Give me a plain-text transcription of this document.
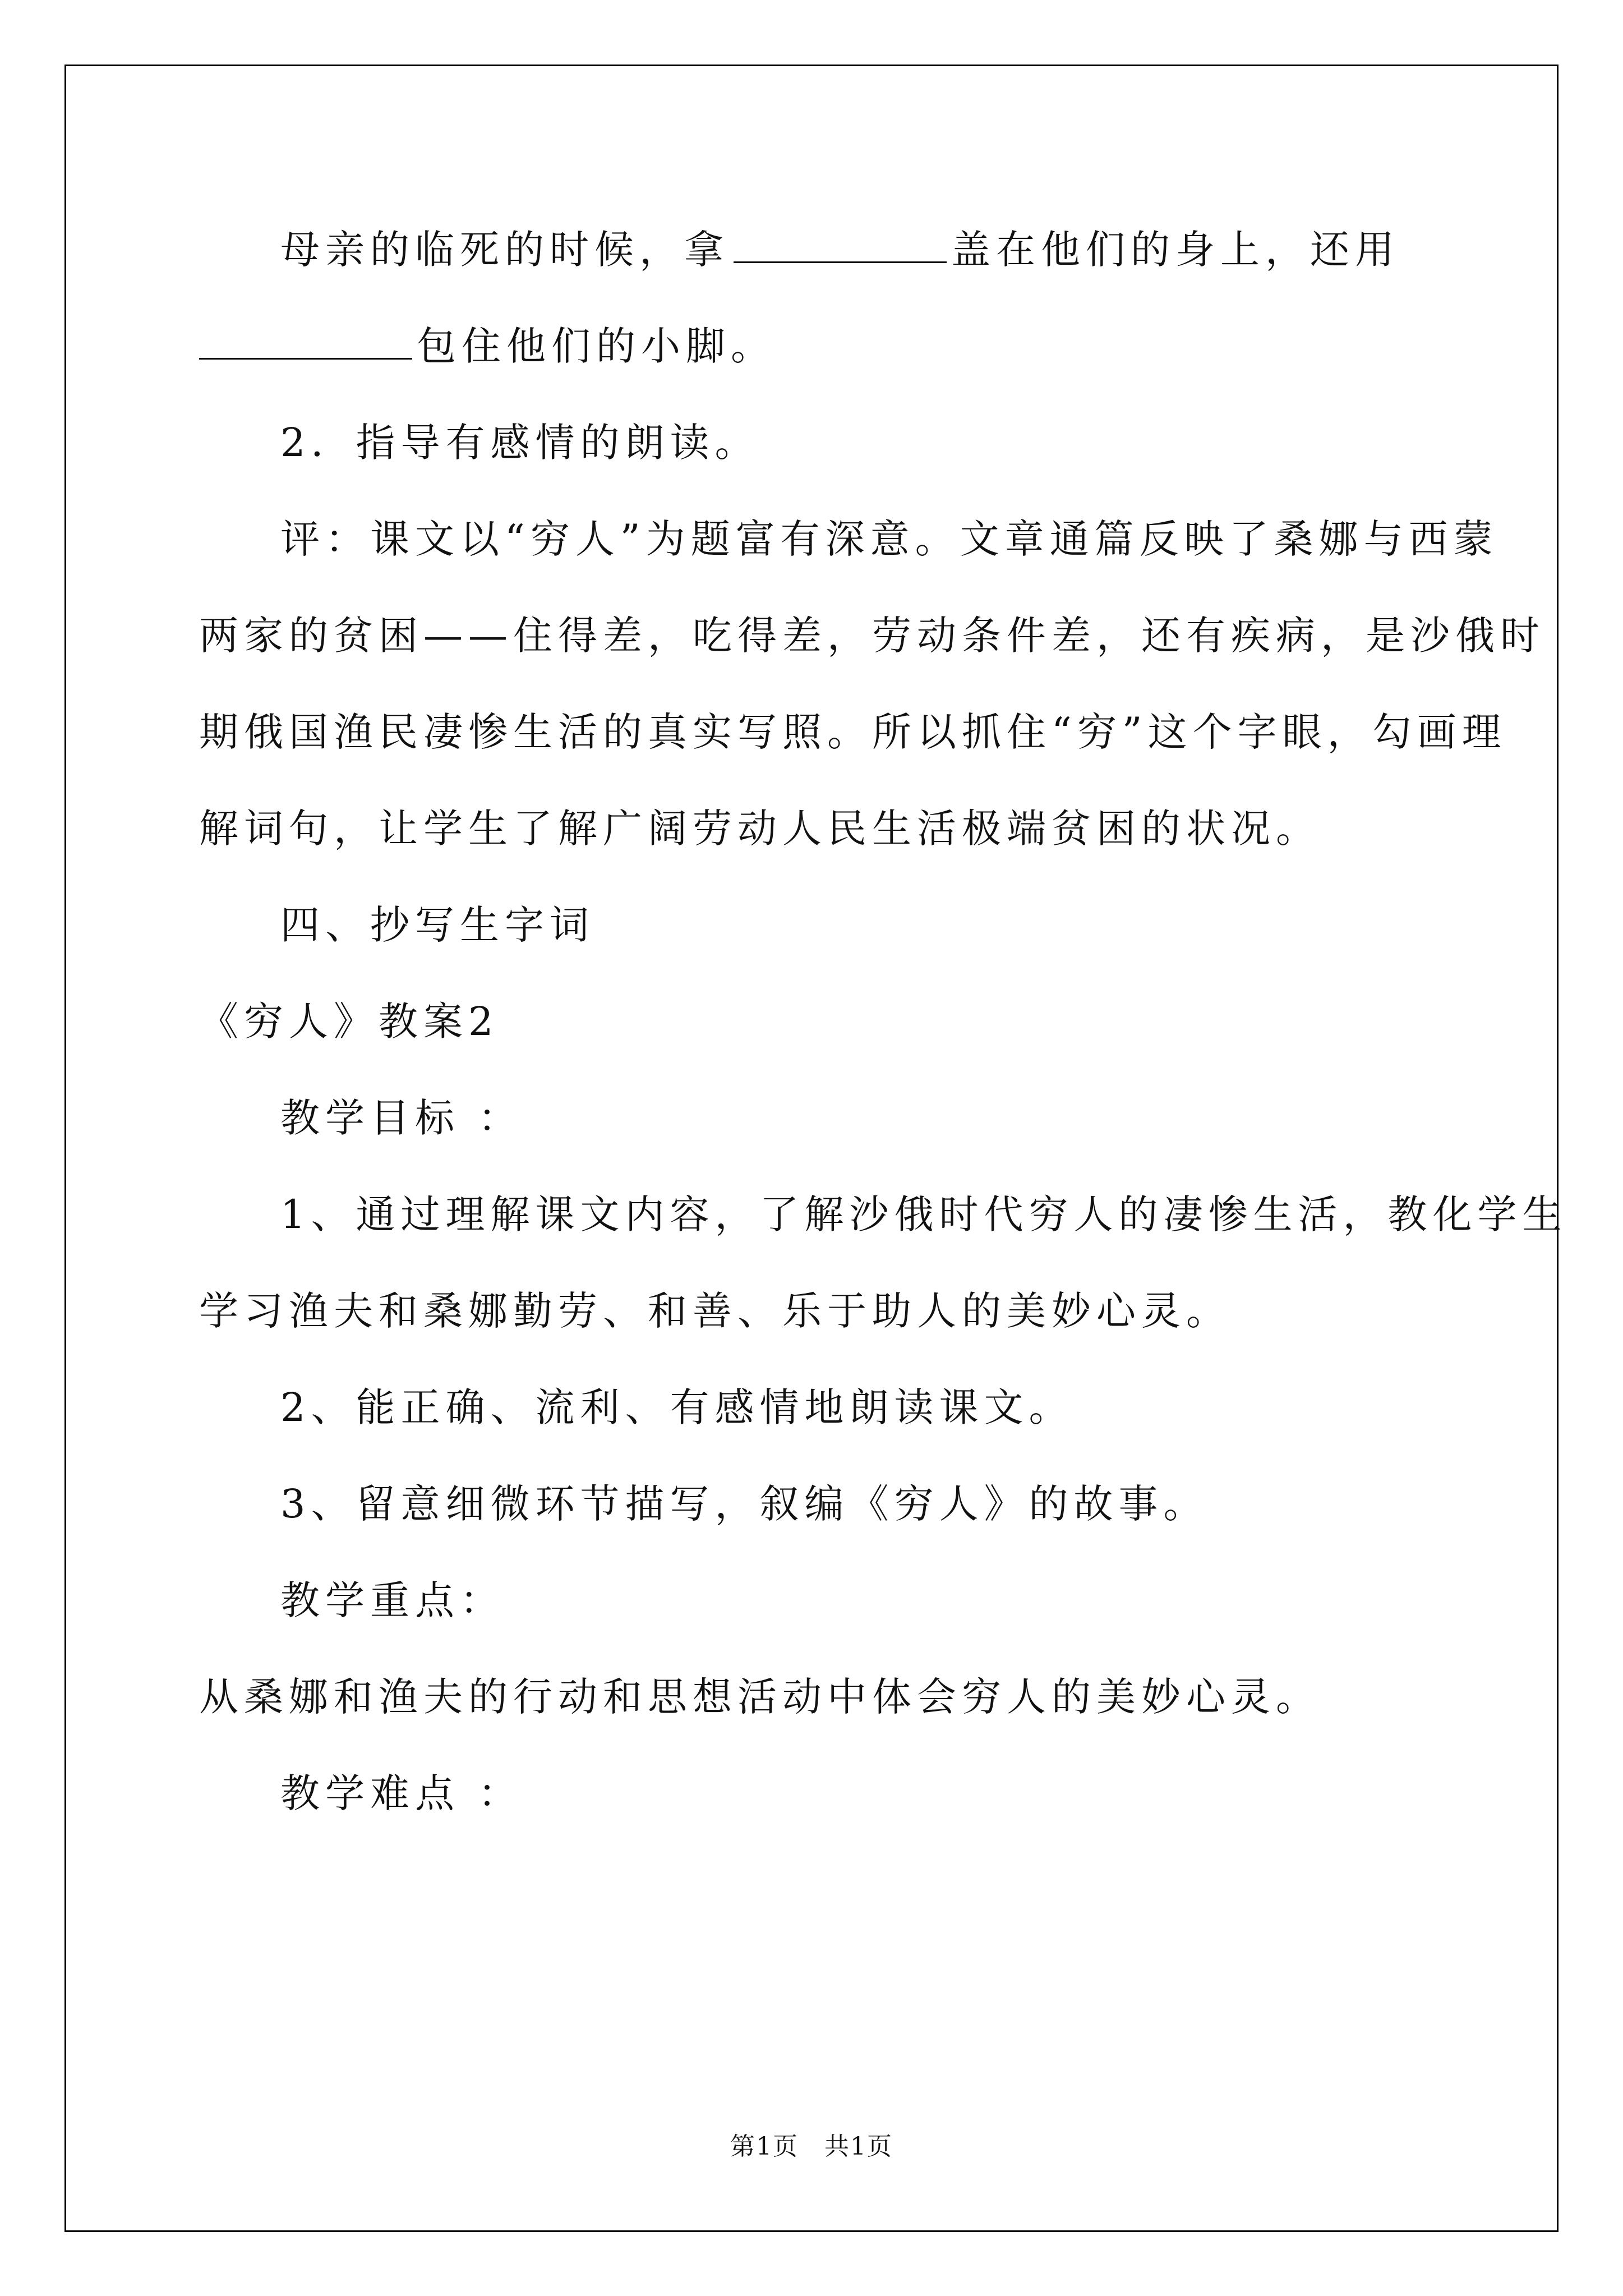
母亲的临死的时候，拿	盖在他们的身上，还用
包住他们的小脚。
2．指导有感情的朗读。
评：课文以“穷人”为题富有深意。文章通篇反映了桑娜与西蒙
两家的贫困——住得差，吃得差，劳动条件差，还有疾病，是沙俄时
期俄国渔民凄惨生活的真实写照。所以抓住“穷”这个字眼，勾画理
解词句，让学生了解广阔劳动人民生活极端贫困的状况。
四、抄写生字词
《穷人》教案2
教学目标 ：
1、通过理解课文内容，了解沙俄时代穷人的凄惨生活，教化学生
学习渔夫和桑娜勤劳、和善、乐于助人的美妙心灵。
2、能正确、流利、有感情地朗读课文。
3、留意细微环节描写，叙编《穷人》的故事。
教学重点：
从桑娜和渔夫的行动和思想活动中体会穷人的美妙心灵。
教学难点 ：
第1页　共1页
